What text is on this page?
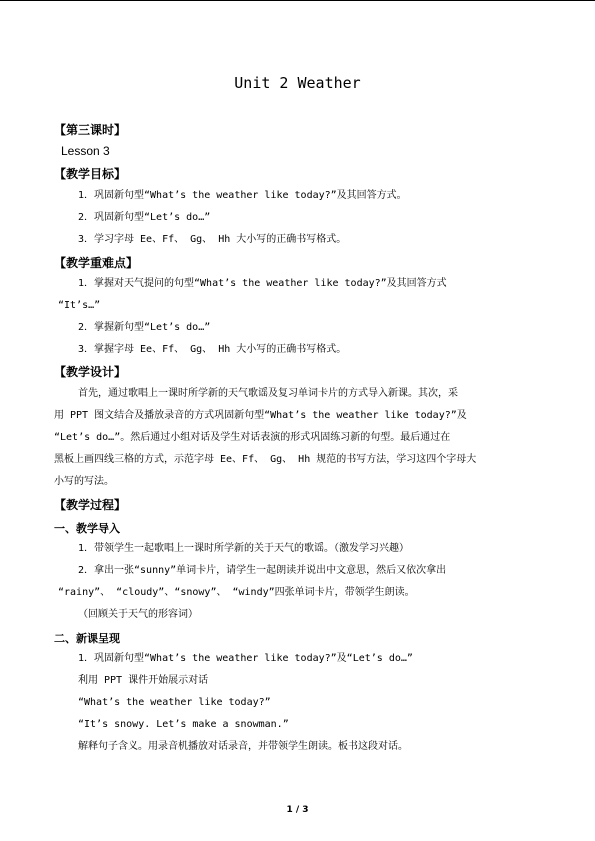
Unit 2 Weather
【第三课时】
Lesson 3
【教学目标】
1．巩固新句型“What’s the weather like today?”及其回答方式。
2．巩固新句型“Let’s do…”
3．学习字母 Ee、Ff、 Gg、 Hh 大小写的正确书写格式。
【教学重难点】
1．掌握对天气提问的句型“What’s the weather like today?”及其回答方式
“It’s…”
2．掌握新句型“Let’s do…”
3．掌握字母 Ee、Ff、 Gg、 Hh 大小写的正确书写格式。
【教学设计】
首先，通过歌唱上一课时所学新的天气歌谣及复习单词卡片的方式导入新课。其次，采
用 PPT 图文结合及播放录音的方式巩固新句型“What’s the weather like today?”及
“Let’s do…”。然后通过小组对话及学生对话表演的形式巩固练习新的句型。最后通过在
黑板上画四线三格的方式，示范字母 Ee、Ff、 Gg、 Hh 规范的书写方法，学习这四个字母大
小写的写法。
【教学过程】
一、教学导入
1．带领学生一起歌唱上一课时所学新的关于天气的歌谣。（激发学习兴趣）
2．拿出一张“sunny”单词卡片，请学生一起朗读并说出中文意思，然后又依次拿出
“rainy”、 “cloudy”、“snowy”、 “windy”四张单词卡片，带领学生朗读。
（回顾关于天气的形容词）
二、新课呈现
1．巩固新句型“What’s the weather like today?”及“Let’s do…”
利用 PPT 课件开始展示对话
“What’s the weather like today?”
“It’s snowy. Let’s make a snowman.”
解释句子含义。用录音机播放对话录音，并带领学生朗读。板书这段对话。
1 / 3
